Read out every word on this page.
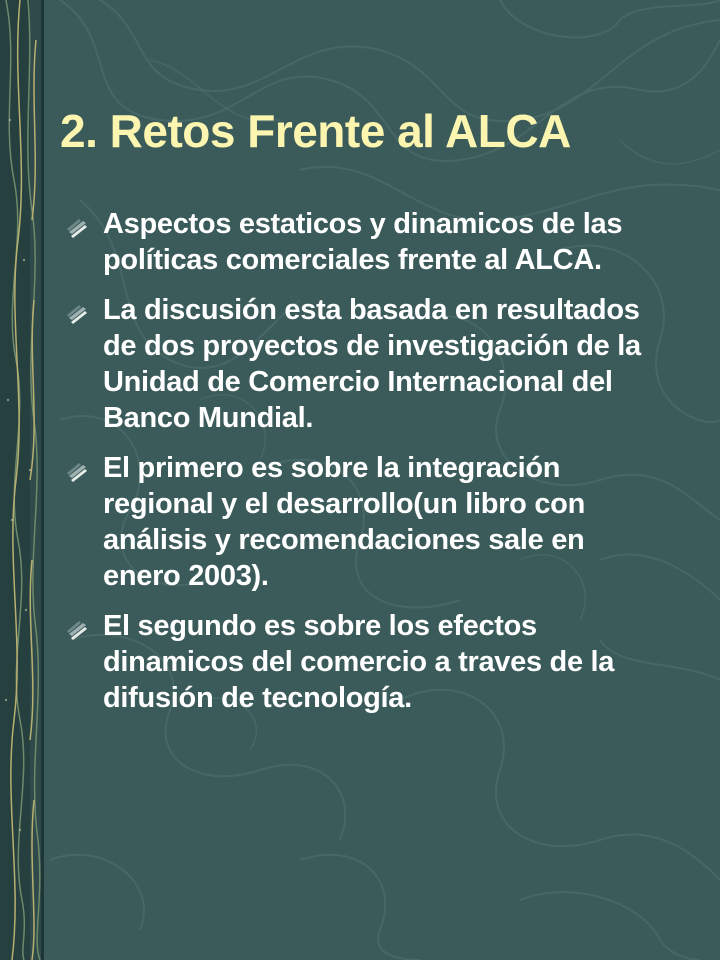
2. Retos Frente al ALCA
Aspectos estaticos y dinamicos de las políticas comerciales frente al ALCA.
La discusión esta basada en resultados de dos proyectos de investigación de la Unidad de Comercio Internacional del Banco Mundial.
El primero es sobre la integración regional y el desarrollo(un libro con análisis y recomendaciones sale en enero 2003).
El segundo es sobre los efectos dinamicos del comercio a traves de la difusión de tecnología.
